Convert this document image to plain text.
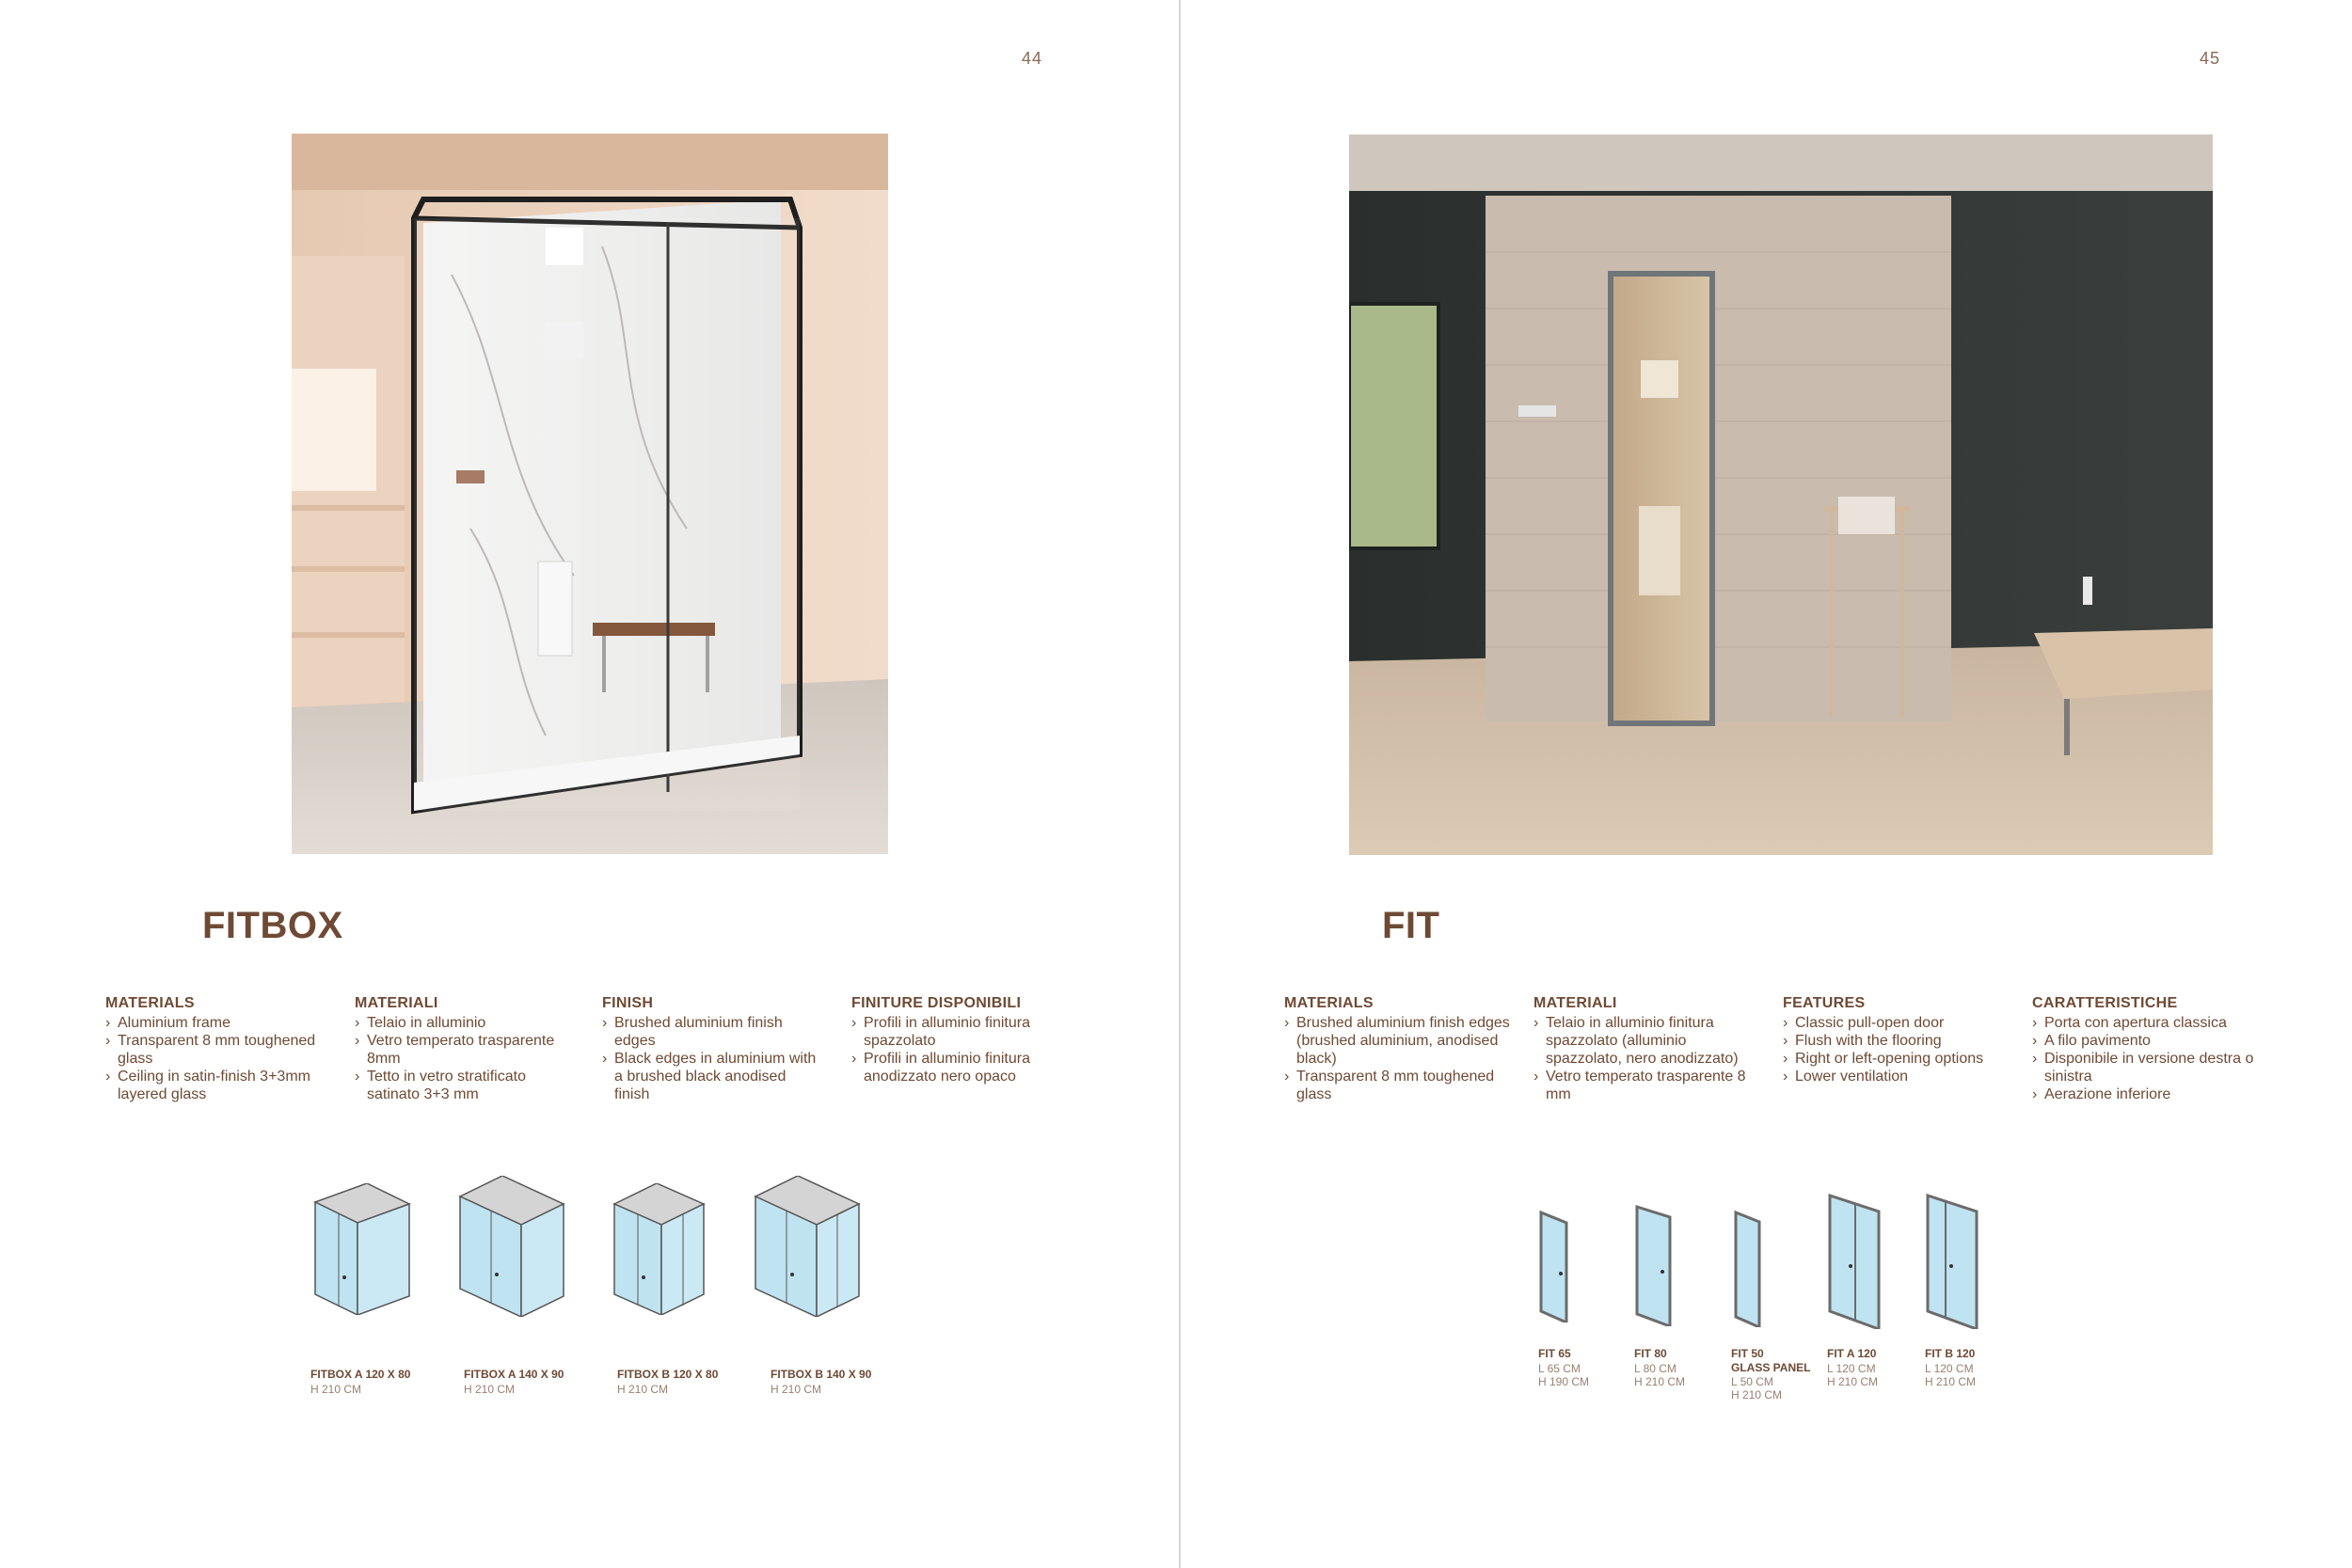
44
FITBOX
MATERIALS
› Aluminium frame
› Transparent 8 mm toughened glass
› Ceiling in satin-finish 3+3mm layered glass
MATERIALI
› Telaio in alluminio
› Vetro temperato trasparente 8mm
› Tetto in vetro stratificato satinato 3+3 mm
FINISH
› Brushed aluminium finish edges
› Black edges in aluminium with a brushed black anodised finish
FINITURE DISPONIBILI
› Profili in alluminio finitura spazzolato
› Profili in alluminio finitura anodizzato nero opaco
FITBOX A 120 X 80
H 210 CM
FITBOX A 140 X 90
H 210 CM
FITBOX B 120 X 80
H 210 CM
FITBOX B 140 X 90
H 210 CM
45
FIT
MATERIALS
› Brushed aluminium finish edges (brushed aluminium, anodised black)
› Transparent 8 mm toughened glass
MATERIALI
› Telaio in alluminio finitura spazzolato (alluminio spazzolato, nero anodizzato)
› Vetro temperato trasparente 8 mm
FEATURES
› Classic pull-open door
› Flush with the flooring
› Right or left-opening options
› Lower ventilation
CARATTERISTICHE
› Porta con apertura classica
› A filo pavimento
› Disponibile in versione destra o sinistra
› Aerazione inferiore
FIT 65
L 65 CM
H 190 CM
FIT 80
L 80 CM
H 210 CM
FIT 50
GLASS PANEL
L 50 CM
H 210 CM
FIT A 120
L 120 CM
H 210 CM
FIT B 120
L 120 CM
H 210 CM
